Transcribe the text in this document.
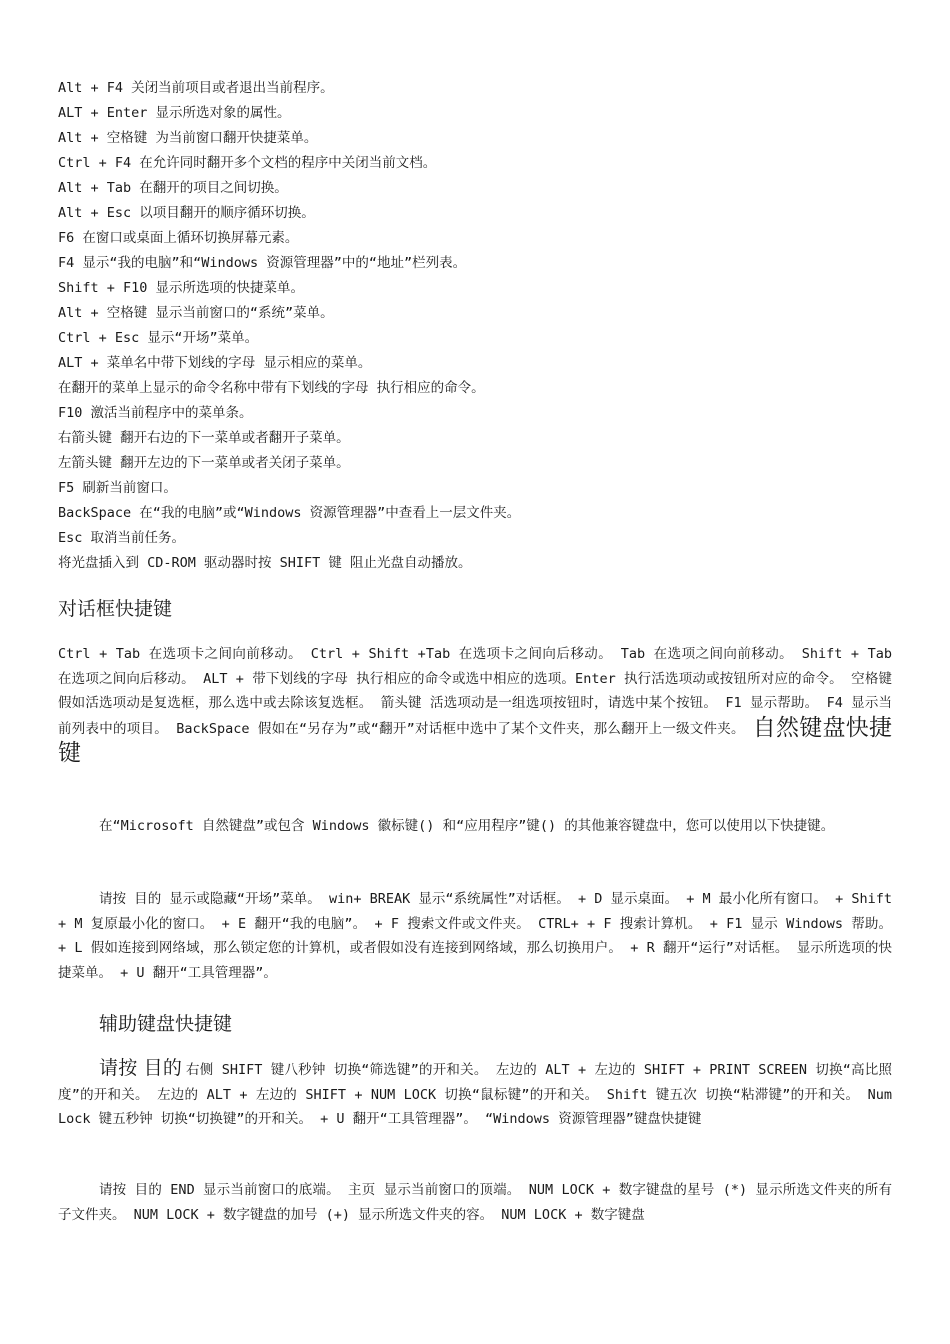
Alt + F4 关闭当前项目或者退出当前程序。
ALT + Enter 显示所选对象的属性。
Alt + 空格键 为当前窗口翻开快捷菜单。
Ctrl + F4 在允许同时翻开多个文档的程序中关闭当前文档。
Alt + Tab 在翻开的项目之间切换。
Alt + Esc 以项目翻开的顺序循环切换。
F6 在窗口或桌面上循环切换屏幕元素。
F4 显示“我的电脑”和“Windows 资源管理器”中的“地址”栏列表。
Shift + F10 显示所选项的快捷菜单。
Alt + 空格键 显示当前窗口的“系统”菜单。
Ctrl + Esc 显示“开场”菜单。
ALT + 菜单名中带下划线的字母 显示相应的菜单。
在翻开的菜单上显示的命令名称中带有下划线的字母 执行相应的命令。
F10 激活当前程序中的菜单条。
右箭头键 翻开右边的下一菜单或者翻开子菜单。
左箭头键 翻开左边的下一菜单或者关闭子菜单。
F5 刷新当前窗口。
BackSpace 在“我的电脑”或“Windows 资源管理器”中查看上一层文件夹。
Esc 取消当前任务。
将光盘插入到 CD-ROM 驱动器时按 SHIFT 键 阻止光盘自动播放。
对话框快捷键
Ctrl + Tab 在选项卡之间向前移动。 Ctrl + Shift +Tab 在选项卡之间向后移动。 Tab 在选项之间向前移动。 Shift + Tab 在选项之间向后移动。 ALT + 带下划线的字母 执行相应的命令或选中相应的选项。Enter 执行活选项动或按钮所对应的命令。 空格键 假如活选项动是复选框，那么选中或去除该复选框。 箭头键 活选项动是一组选项按钮时，请选中某个按钮。 F1 显示帮助。 F4 显示当前列表中的项目。 BackSpace 假如在“另存为”或“翻开”对话框中选中了某个文件夹，那么翻开上一级文件夹。 自然键盘快捷键
在“Microsoft 自然键盘”或包含 Windows 徽标键() 和“应用程序”键() 的其他兼容键盘中，您可以使用以下快捷键。
请按 目的 显示或隐藏“开场”菜单。 win+ BREAK 显示“系统属性”对话框。 + D 显示桌面。 + M 最小化所有窗口。 + Shift + M 复原最小化的窗口。 + E 翻开“我的电脑”。 + F 搜索文件或文件夹。 CTRL+ + F 搜索计算机。 + F1 显示 Windows 帮助。 + L 假如连接到网络域，那么锁定您的计算机，或者假如没有连接到网络域，那么切换用户。 + R 翻开“运行”对话框。 显示所选项的快捷菜单。 + U 翻开“工具管理器”。
辅助键盘快捷键
请按 目的 右侧 SHIFT 键八秒钟 切换“筛选键”的开和关。 左边的 ALT + 左边的 SHIFT + PRINT SCREEN 切换“高比照度”的开和关。 左边的 ALT + 左边的 SHIFT + NUM LOCK 切换“鼠标键”的开和关。 Shift 键五次 切换“粘滞键”的开和关。 Num Lock 键五秒钟 切换“切换键”的开和关。 + U 翻开“工具管理器”。 “Windows 资源管理器”键盘快捷键
请按 目的 END 显示当前窗口的底端。 主页 显示当前窗口的顶端。 NUM LOCK + 数字键盘的星号 (*) 显示所选文件夹的所有子文件夹。 NUM LOCK + 数字键盘的加号 (+) 显示所选文件夹的容。 NUM LOCK + 数字键盘
